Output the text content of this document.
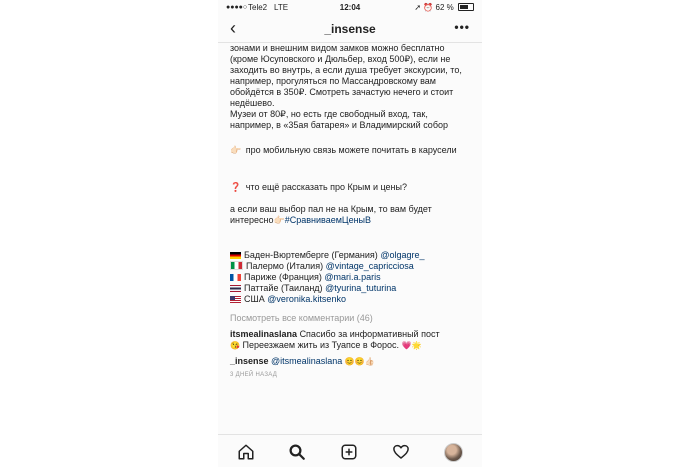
●●●●○ Tele2 LTE	12:04	➚ ⏰ 62 %
‹	_insense	•••

зонами и внешним видом замков можно бесплатно (кроме Юсуповского и Дюльбер, вход 500₽), если не заходить во внутрь, а если душа требует экскурсии, то, например, прогуляться по Массандровскому вам обойдётся в 350₽. Смотреть зачастую нечего и стоит недёшево.

Музеи от 80₽, но есть где свободный вход, так, например, в «35ая батарея» и Владимирский собор

👉🏻 про мобильную связь можете почитать в карусели

❓ что ещё рассказать про Крым и цены?

а если ваш выбор пал не на Крым, то вам будет интересно👉🏻#СравниваемЦеныВ

Баден-Вюртемберге (Германия) @olgagre_
Палермо (Италия) @vintage_capricciosa
Париже (Франция) @mari.a.paris
Паттайе (Таиланд) @tyurina_tuturina
США @veronika.kitsenko
Посмотреть все комментарии (46)
itsmealinaslana Спасибо за информативный пост
😘 Переезжаем жить из Туапсе в Форос. 💗🌟
_insense @itsmealinaslana 😊😊👍🏻
3 ДНЕЙ НАЗАД
